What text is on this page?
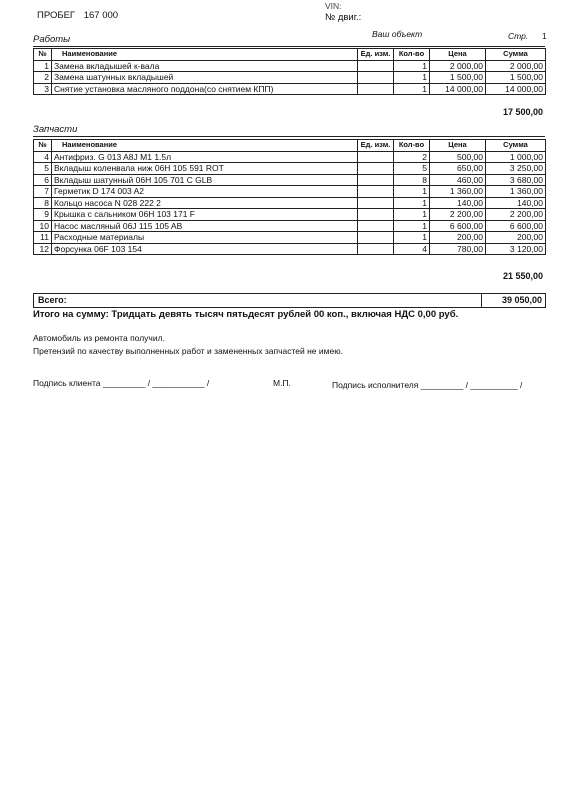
ПРОБЕГ 167 000
VIN:
№ двиг.:
Ваш объект	Стр. 1
Работы
№	Наименование	Ед. изм.	Кол-во	Цена	Сумма
1	Замена вкладышей к-вала		1	2 000,00	2 000,00
2	Замена шатунных вкладышей		1	1 500,00	1 500,00
3	Снятие установка масляного поддона(со снятием КПП)		1	14 000,00	14 000,00
17 500,00
Запчасти
№	Наименование	Ед. изм.	Кол-во	Цена	Сумма
4	Антифриз. G 013 A8J M1 1.5л		2	500,00	1 000,00
5	Вкладыш коленвала ниж 06H 105 591 ROT		5	650,00	3 250,00
6	Вкладыш шатунный 06H 105 701 C GLB		8	460,00	3 680,00
7	Герметик D 174 003 A2		1	1 360,00	1 360,00
8	Кольцо насоса N 028 222 2		1	140,00	140,00
9	Крышка с сальником 06H 103 171 F		1	2 200,00	2 200,00
10	Насос масляный 06J 115 105 AB		1	6 600,00	6 600,00
11	Расходные материалы		1	200,00	200,00
12	Форсунка 06F 103 154		4	780,00	3 120,00
21 550,00
Всего:	39 050,00
Итого на сумму: Тридцать девять тысяч пятьдесят рублей 00 коп., включая НДС 0,00 руб.
Автомобиль из ремонта получил.
Претензий по качеству выполненных работ и замененных запчастей не имею.
Подпись клиента _________ / ___________ /	М.П.	Подпись исполнителя _________ / __________ /
